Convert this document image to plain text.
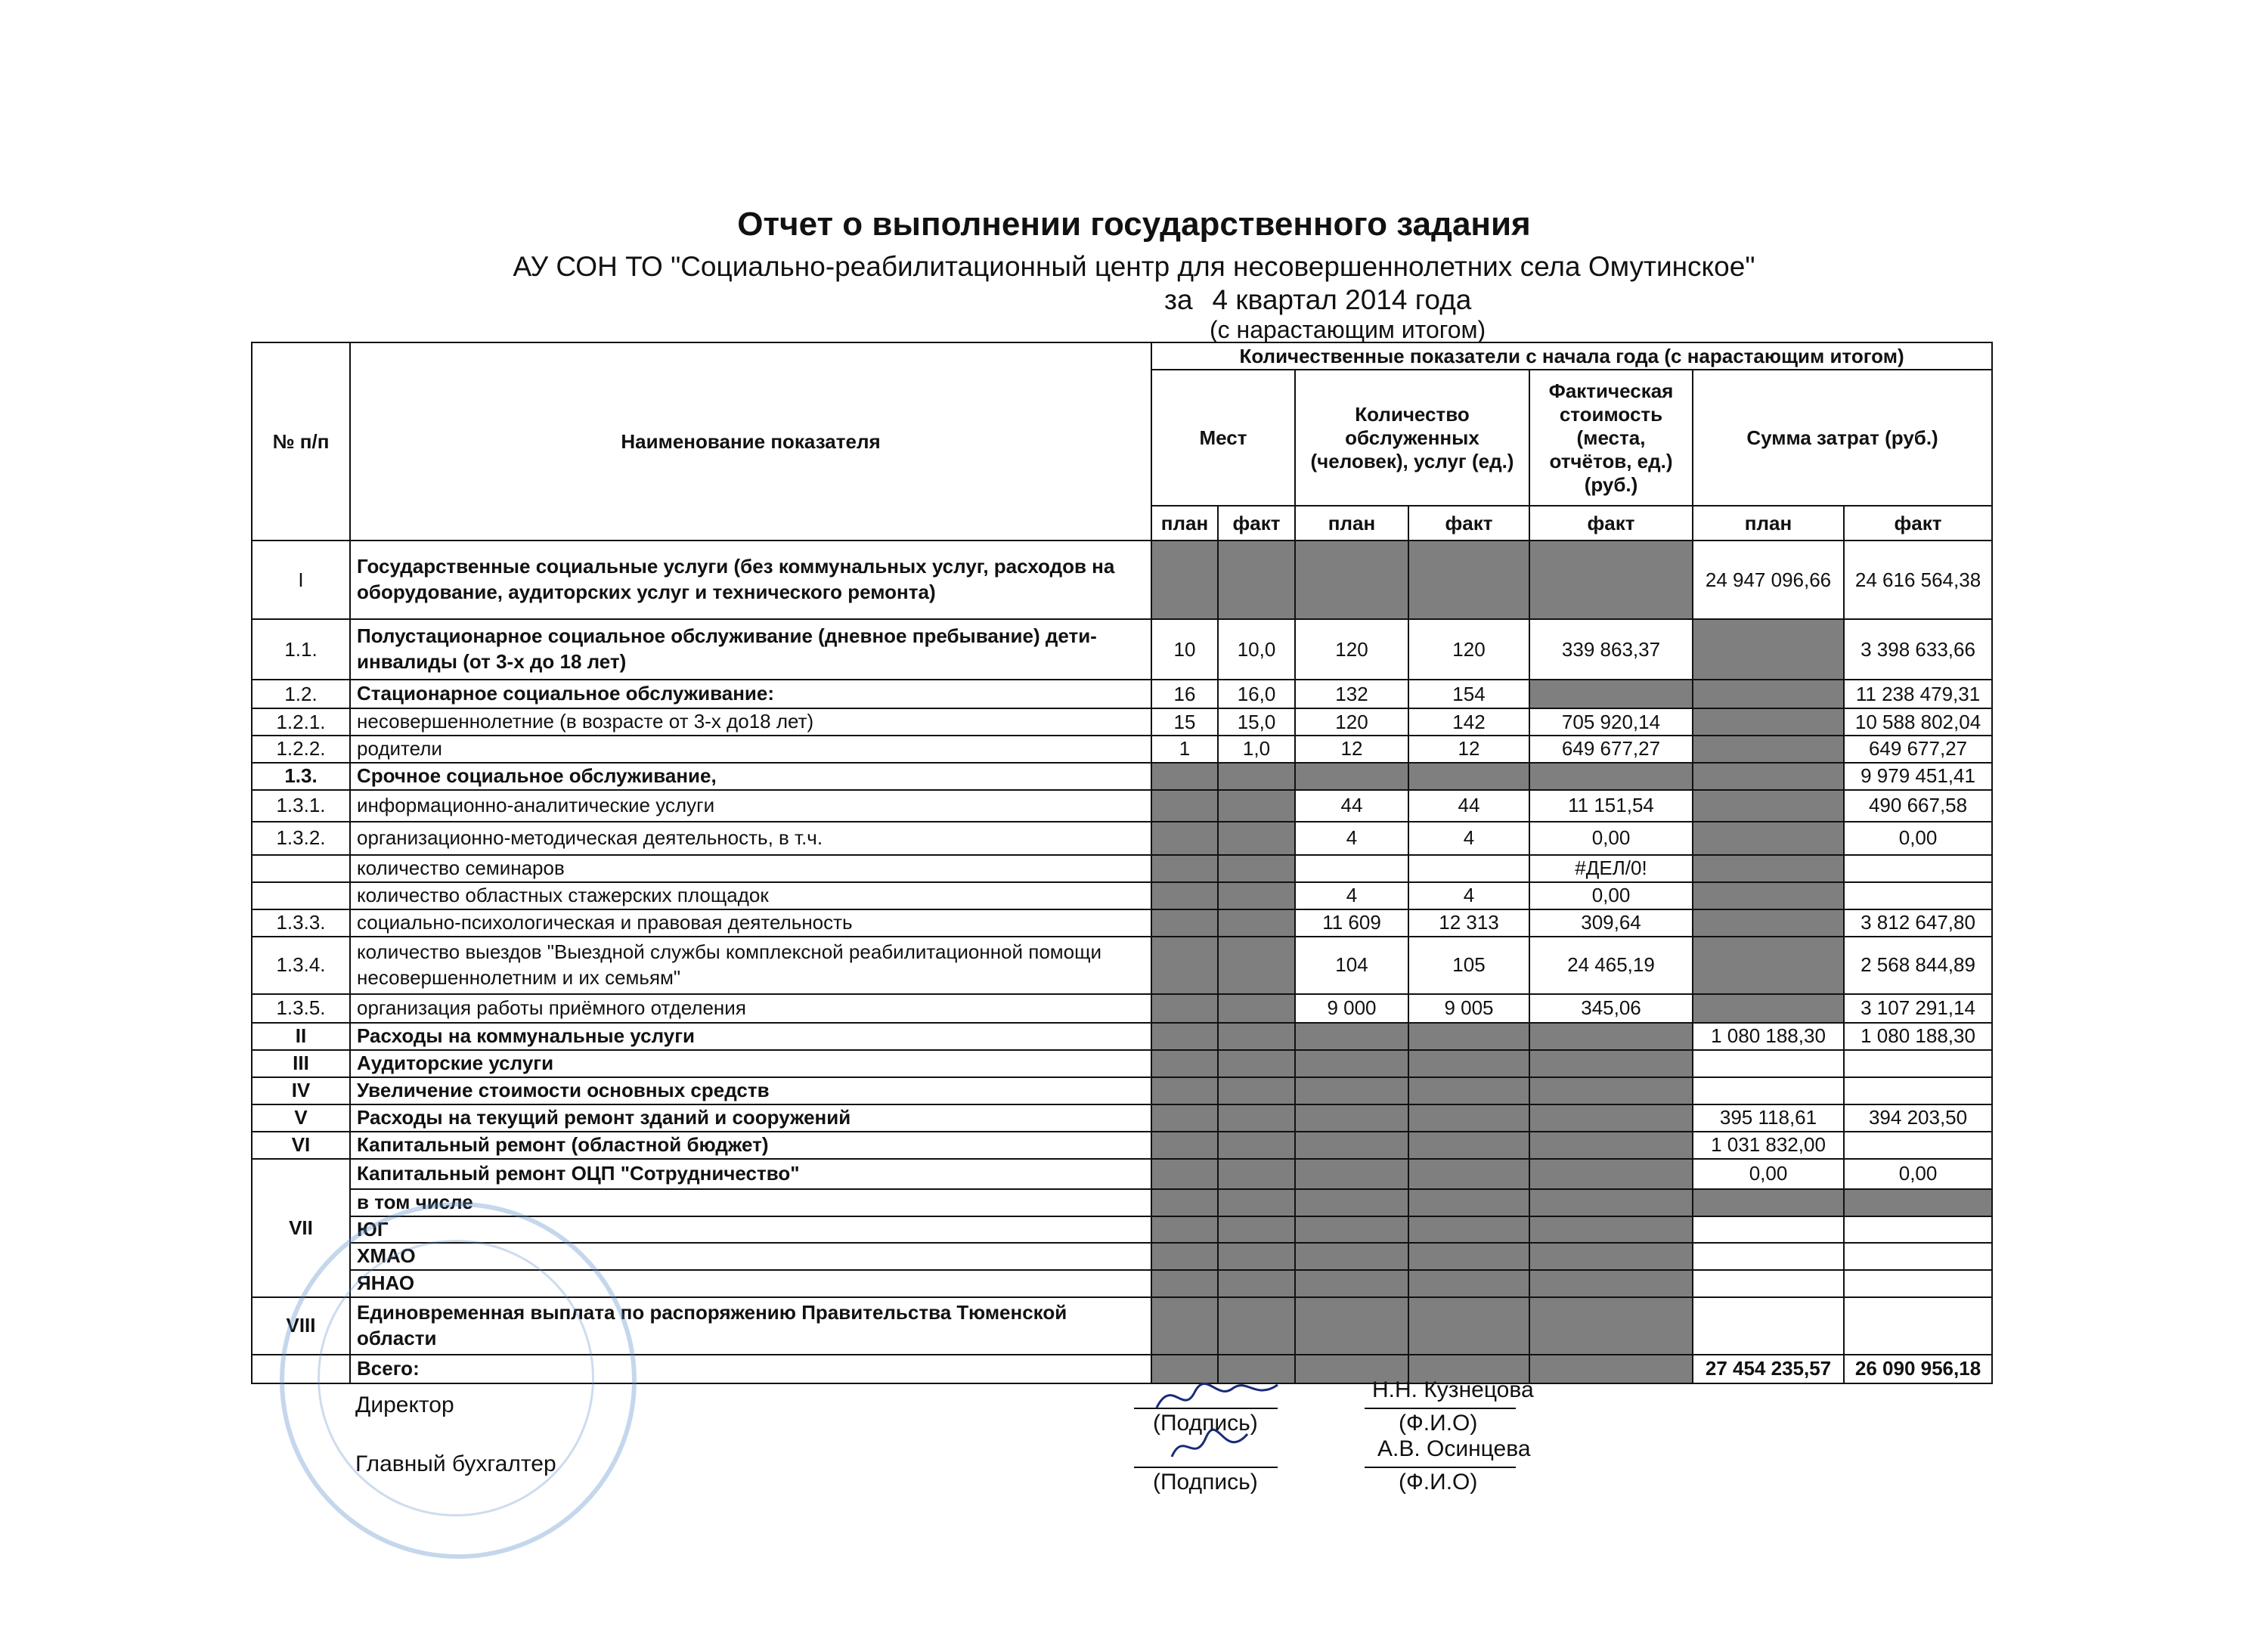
Отчет о выполнении государственного задания
АУ СОН ТО "Социально-реабилитационный центр для несовершеннолетних села Омутинское"
за 4 квартал 2014 года
(с нарастающим итогом)
№ п/п	Наименование показателя	Количественные показатели с начала года (с нарастающим итогом)						
		Мест		Количество обслуженных (человек), услуг (ед.)		Фактическая стоимость (места, отчётов, ед.) (руб.)	Сумма затрат (руб.)	
		план	факт	план	факт	факт	план	факт
I	Государственные социальные услуги (без коммунальных услуг, расходов на оборудование, аудиторских услуг и технического ремонта)						24 947 096,66	24 616 564,38
1.1.	Полустационарное социальное обслуживание (дневное пребывание) дети-инвалиды (от 3-х до 18 лет)	10	10,0	120	120	339 863,37		3 398 633,66
1.2.	Стационарное социальное обслуживание:	16	16,0	132	154			11 238 479,31
1.2.1.	несовершеннолетние (в возрасте от 3-х до18 лет)	15	15,0	120	142	705 920,14		10 588 802,04
1.2.2.	родители	1	1,0	12	12	649 677,27		649 677,27
1.3.	Срочное социальное обслуживание,							9 979 451,41
1.3.1.	информационно-аналитические услуги			44	44	11 151,54		490 667,58
1.3.2.	организационно-методическая деятельность, в т.ч.			4	4	0,00		0,00
	количество семинаров					#ДЕЛ/0!		
	количество областных стажерских площадок			4	4	0,00		
1.3.3.	социально-психологическая и правовая деятельность			11 609	12 313	309,64		3 812 647,80
1.3.4.	количество выездов "Выездной службы комплексной реабилитационной помощи несовершеннолетним и их семьям"			104	105	24 465,19		2 568 844,89
1.3.5.	организация работы приёмного отделения			9 000	9 005	345,06		3 107 291,14
II	Расходы на коммунальные услуги						1 080 188,30	1 080 188,30
III	Аудиторские услуги							
IV	Увеличение стоимости основных средств							
V	Расходы на текущий ремонт зданий и сооружений						395 118,61	394 203,50
VI	Капитальный ремонт (областной бюджет)						1 031 832,00	
VII	Капитальный ремонт ОЦП "Сотрудничество"						0,00	0,00
	в том числе							
	ЮГ							
	ХМАО							
	ЯНАО							
VIII	Единовременная выплата по распоряжению Правительства Тюменской области							
	Всего:						27 454 235,57	26 090 956,18
Директор
Главный бухгалтер
(Подпись)
(Подпись)
Н.Н. Кузнецова
(Ф.И.О)
А.В. Осинцева
(Ф.И.О)
